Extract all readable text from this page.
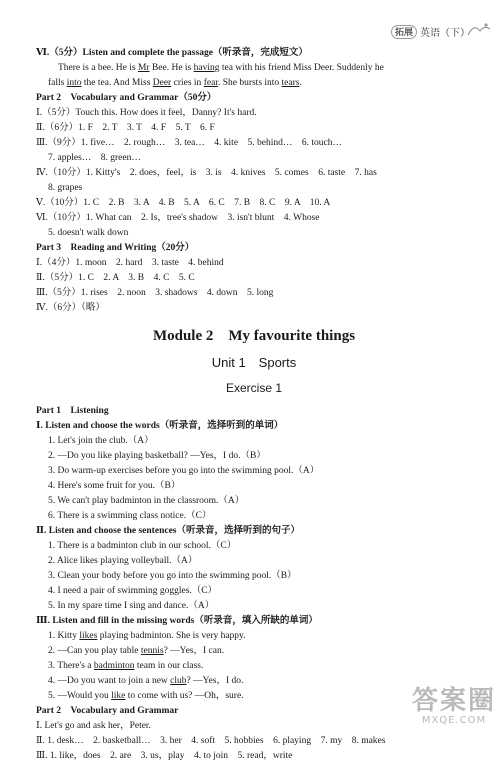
拓展 英语（下）
Ⅵ.（5分）Listen and complete the passage（听录音，完成短文）
There is a bee. He is Mr Bee. He is having tea with his friend Miss Deer. Suddenly he
falls into the tea. And Miss Deer cries in fear. She bursts into tears.
Part 2　Vocabulary and Grammar（50分）
Ⅰ.（5分）Touch this. How does it feel，Danny? It's hard.
Ⅱ.（6分）1. F　2. T　3. T　4. F　5. T　6. F
Ⅲ.（9分）1. five…　2. rough…　3. tea…　4. kite　5. behind…　6. touch…
7. apples…　8. green…
Ⅳ.（10分）1. Kitty's　2. does，feel，is　3. is　4. knives　5. comes　6. taste　7. has
8. grapes
Ⅴ.（10分）1. C　2. B　3. A　4. B　5. A　6. C　7. B　8. C　9. A　10. A
Ⅵ.（10分）1. What can　2. Is，tree's shadow　3. isn't blunt　4. Whose
5. doesn't walk down
Part 3　Reading and Writing（20分）
Ⅰ.（4分）1. moon　2. hard　3. taste　4. behind
Ⅱ.（5分）1. C　2. A　3. B　4. C　5. C
Ⅲ.（5分）1. rises　2. noon　3. shadows　4. down　5. long
Ⅳ.（6分）（略）
Module 2　My favourite things
Unit 1　Sports
Exercise 1
Part 1　Listening
Ⅰ. Listen and choose the words（听录音，选择听到的单词）
1. Let's join the club.（A）
2. —Do you like playing basketball? —Yes，I do.（B）
3. Do warm-up exercises before you go into the swimming pool.（A）
4. Here's some fruit for you.（B）
5. We can't play badminton in the classroom.（A）
6. There is a swimming class notice.（C）
Ⅱ. Listen and choose the sentences（听录音，选择听到的句子）
1. There is a badminton club in our school.（C）
2. Alice likes playing volleyball.（A）
3. Clean your body before you go into the swimming pool.（B）
4. I need a pair of swimming goggles.（C）
5. In my spare time I sing and dance.（A）
Ⅲ. Listen and fill in the missing words（听录音，填入所缺的单词）
1. Kitty likes playing badminton. She is very happy.
2. —Can you play table tennis? —Yes，I can.
3. There's a badminton team in our class.
4. —Do you want to join a new club? —Yes，I do.
5. —Would you like to come with us? —Oh，sure.
Part 2　Vocabulary and Grammar
Ⅰ. Let's go and ask her，Peter.
Ⅱ. 1. desk…　2. basketball…　3. her　4. soft　5. hobbies　6. playing　7. my　8. makes
Ⅲ. 1. like，does　2. are　3. us，play　4. to join　5. read，write
答案圈
MXQE.COM
